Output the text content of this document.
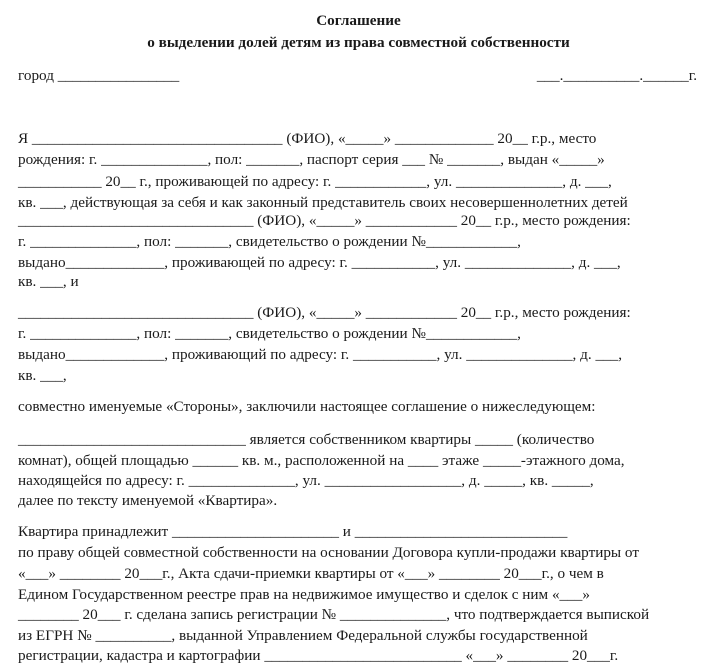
Соглашение
о выделении долей детям из права совместной собственности
город ________________	___.__________.______г.
Я _________________________________ (ФИО), «_____» _____________ 20__ г.р., место
рождения: г. ______________, пол: _______, паспорт серия ___ № _______, выдан «_____»
___________ 20__ г., проживающей по адресу: г. ____________, ул. ______________, д. ___,
кв. ___, действующая за себя и как законный представитель своих несовершеннолетних детей
_______________________________ (ФИО), «_____» ____________ 20__ г.р., место рождения:
г. ______________, пол: _______, свидетельство о рождении №____________,
выдано_____________, проживающей по адресу: г. ___________, ул. ______________, д. ___,
кв. ___, и
_______________________________ (ФИО), «_____» ____________ 20__ г.р., место рождения:
г. ______________, пол: _______, свидетельство о рождении №____________,
выдано_____________, проживающий по адресу: г. ___________, ул. ______________, д. ___,
кв. ___,
совместно именуемые «Стороны», заключили настоящее соглашение о нижеследующем:
______________________________ является собственником квартиры _____ (количество
комнат), общей площадью ______ кв. м., расположенной на ____ этаже _____-этажного дома,
находящейся по адресу: г. ______________, ул. __________________, д. _____, кв. _____,
далее по тексту именуемой «Квартира».
Квартира принадлежит ______________________ и ____________________________
по праву общей совместной собственности на основании Договора купли-продажи квартиры от
«___» ________ 20___г., Акта сдачи-приемки квартиры от «___» ________ 20___г., о чем в
Едином Государственном реестре прав на недвижимое имущество и сделок с ним «___»
________ 20___ г. сделана запись регистрации № ______________, что подтверждается выпиской
из ЕГРН № __________, выданной Управлением Федеральной службы государственной
регистрации, кадастра и картографии __________________________ «___» ________ 20___г.
